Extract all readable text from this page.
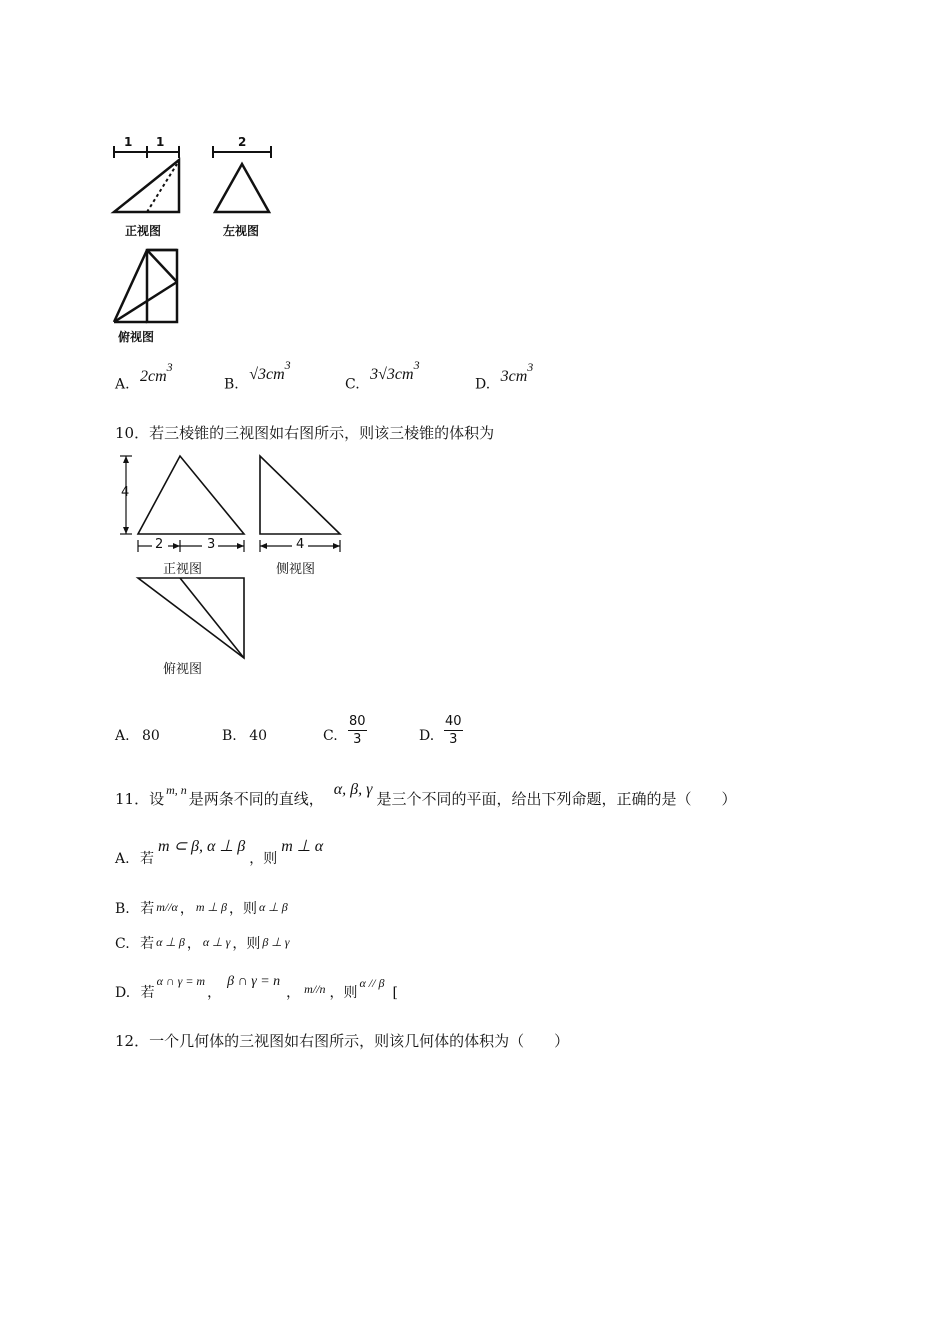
1 1	2
正视图	左视图
俯视图
A. $2cm^3$
B. $√3cm^3$
C. $3√3cm^3$
D. $3cm^3$
10．若三棱锥的三视图如右图所示，则该三棱锥的体积为
4
2	3	4
正视图	侧视图
俯视图
A. 80	B. 40	C. $\frac{80}{3}$	D. $\frac{40}{3}$
11．设 $^{m, n}$ 是两条不同的直线，α, β, γ是三个不同的平面，给出下列命题，正确的是（　　）
A. 若m ⊂ β, α ⊥ β，则m ⊥ α
B. 若 m//α ， m ⊥ β ，则 α ⊥ β
C. 若 α ⊥ β ， α ⊥ γ ，则 β ⊥ γ
D. 若α ∩ γ = m，β ∩ γ = n， m//n ，则α // β[
12．一个几何体的三视图如右图所示，则该几何体的体积为（　　）
